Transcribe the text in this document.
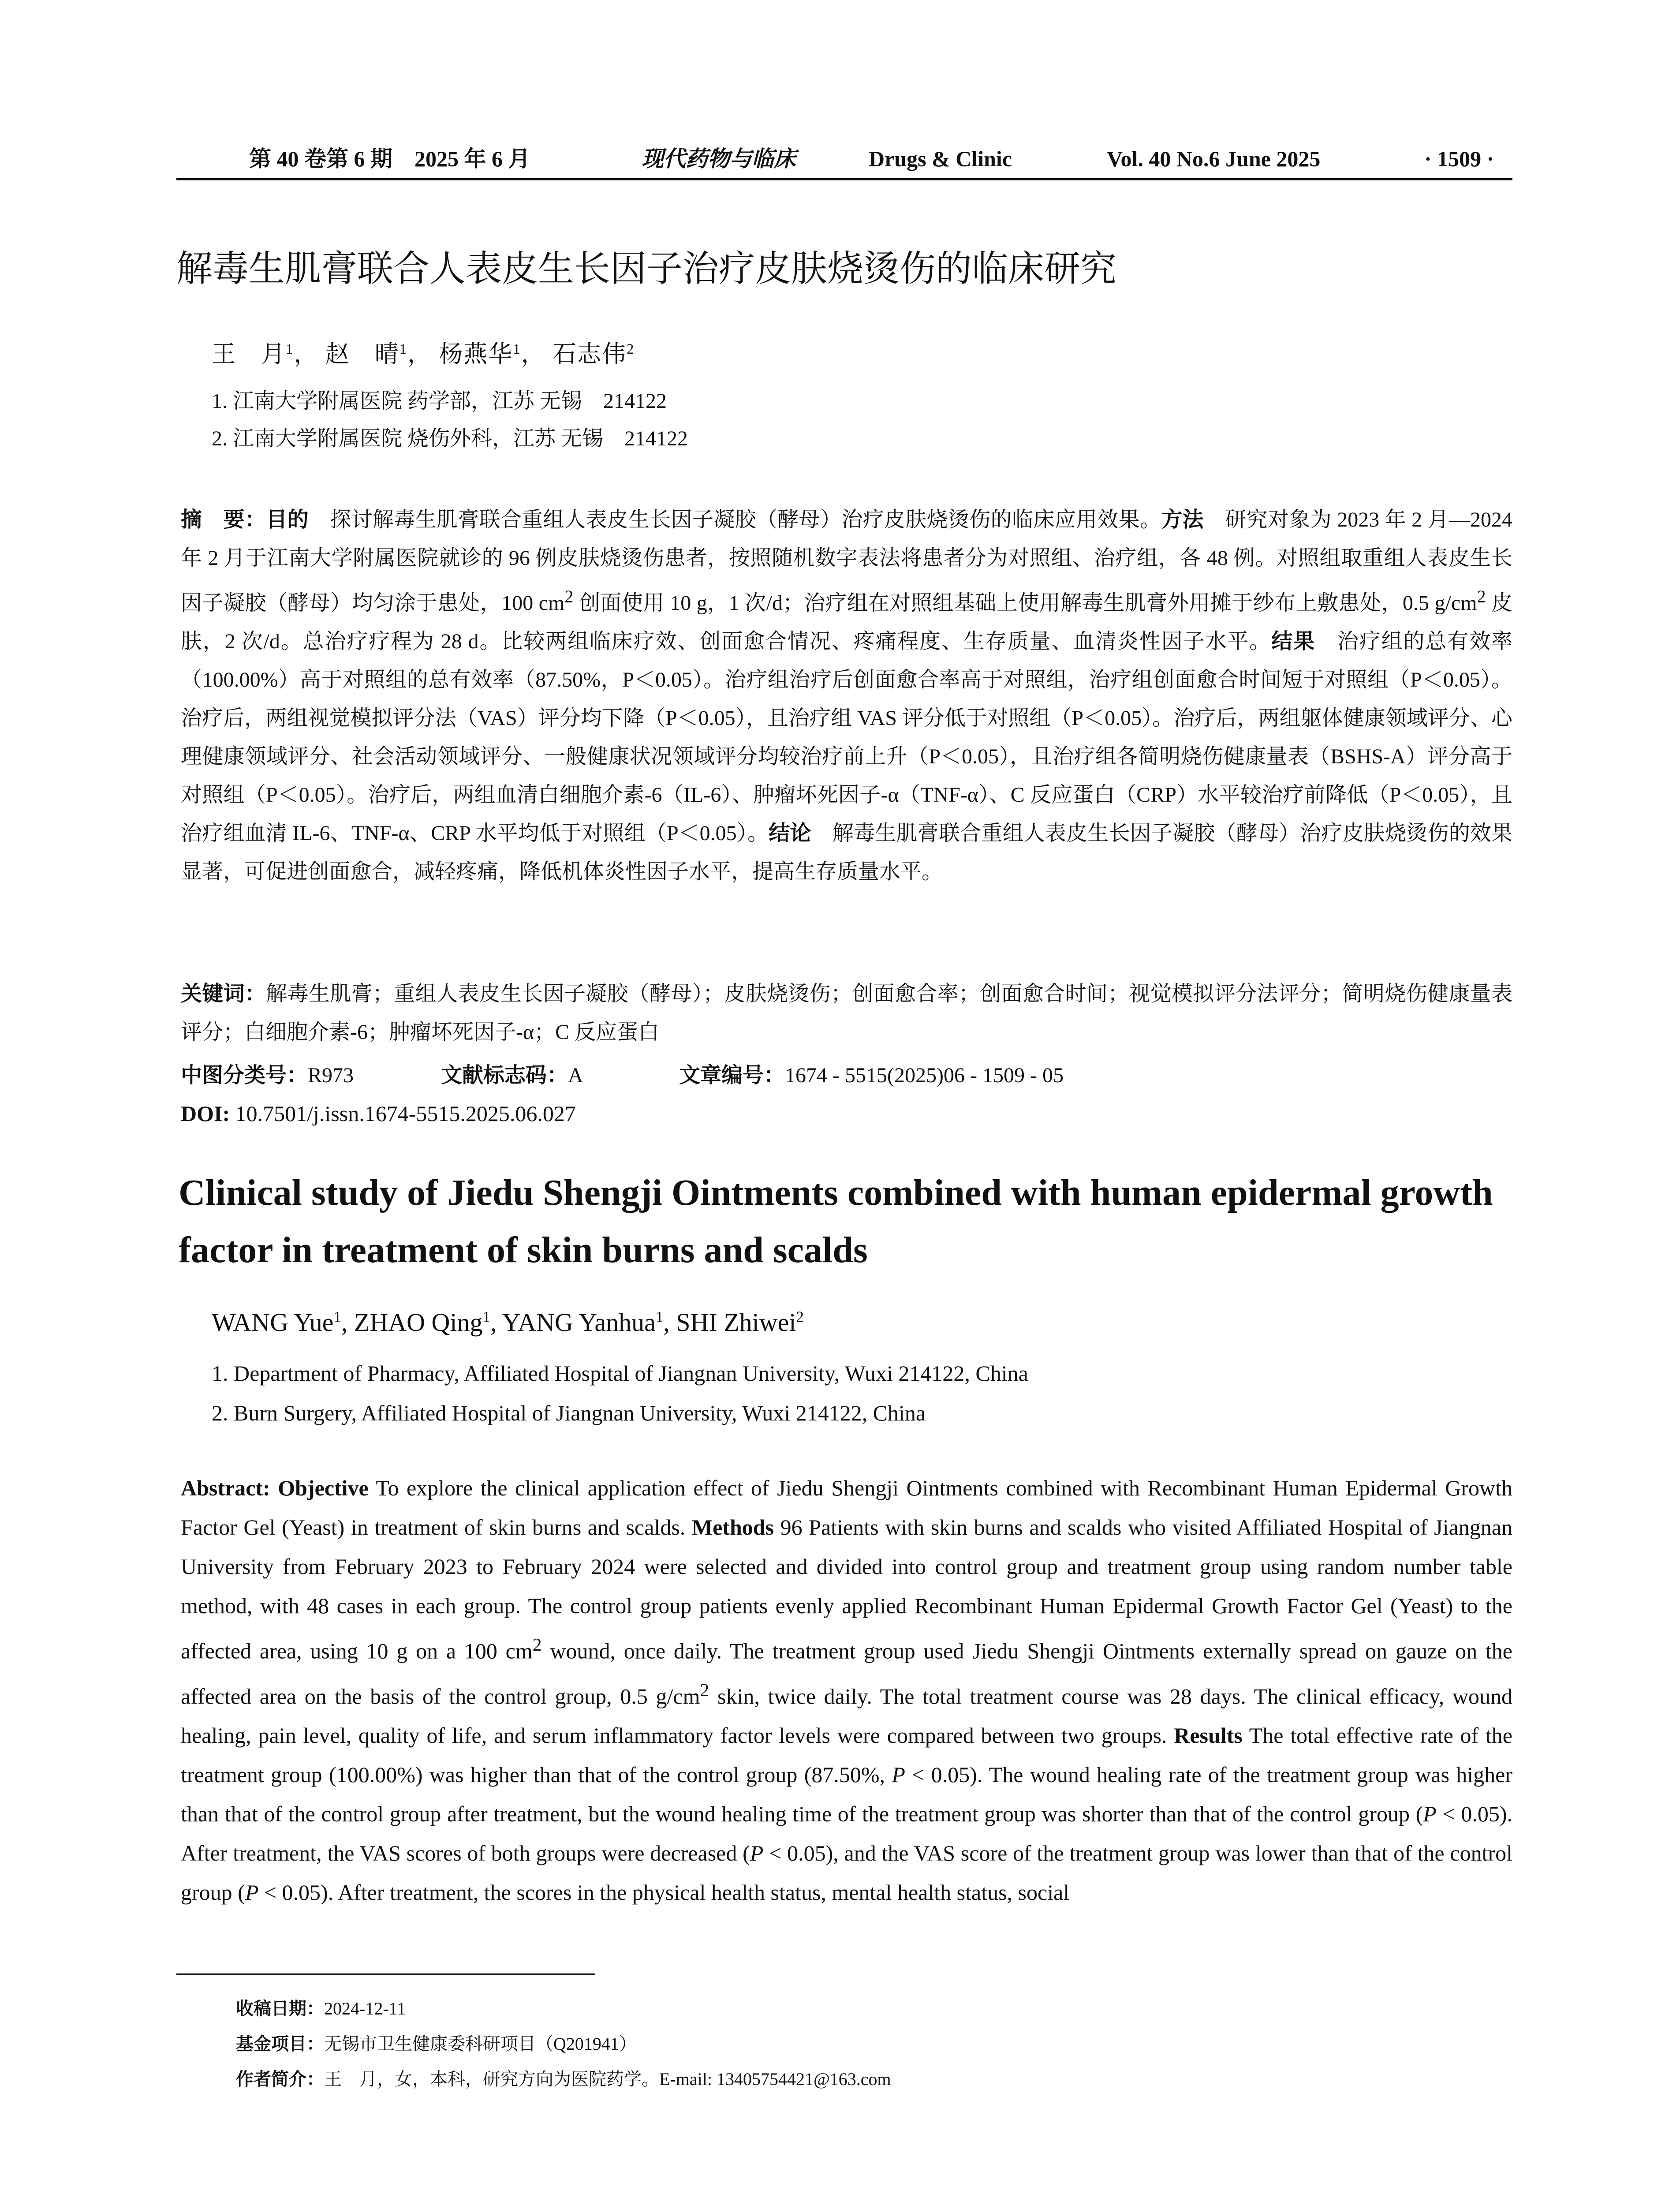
第 40 卷第 6 期　2025 年 6 月	现代药物与临床	Drugs & Clinic	Vol. 40 No.6 June 2025	· 1509 ·
解毒生肌膏联合人表皮生长因子治疗皮肤烧烫伤的临床研究
王　月$^1$， 赵　晴$^1$， 杨燕华$^1$， 石志伟$^2$
1. 江南大学附属医院 药学部，江苏 无锡　214122
2. 江南大学附属医院 烧伤外科，江苏 无锡　214122
摘　要：目的　探讨解毒生肌膏联合重组人表皮生长因子凝胶（酵母）治疗皮肤烧烫伤的临床应用效果。方法　研究对象为 2023 年 2 月—2024 年 2 月于江南大学附属医院就诊的 96 例皮肤烧烫伤患者，按照随机数字表法将患者分为对照组、治疗组，各 48 例。对照组取重组人表皮生长因子凝胶（酵母）均匀涂于患处，100 $cm^2$ 创面使用 10 g，1 次/d；治疗组在对照组基础上使用解毒生肌膏外用摊于纱布上敷患处，0.5 $g/cm^2$ 皮肤，2 次/d。总治疗疗程为 28 d。比较两组临床疗效、创面愈合情况、疼痛程度、生存质量、血清炎性因子水平。结果　治疗组的总有效率（100.00%）高于对照组的总有效率（87.50%，P＜0.05）。治疗组治疗后创面愈合率高于对照组，治疗组创面愈合时间短于对照组（P＜0.05）。治疗后，两组视觉模拟评分法（VAS）评分均下降（P＜0.05），且治疗组 VAS 评分低于对照组（P＜0.05）。治疗后，两组躯体健康领域评分、心理健康领域评分、社会活动领域评分、一般健康状况领域评分均较治疗前上升（P＜0.05），且治疗组各简明烧伤健康量表（BSHS-A）评分高于对照组（P＜0.05）。治疗后，两组血清白细胞介素-6（IL-6）、肿瘤坏死因子-α（TNF-α）、C 反应蛋白（CRP）水平较治疗前降低（P＜0.05），且治疗组血清 IL-6、TNF-α、CRP 水平均低于对照组（P＜0.05）。结论　解毒生肌膏联合重组人表皮生长因子凝胶（酵母）治疗皮肤烧烫伤的效果显著，可促进创面愈合，减轻疼痛，降低机体炎性因子水平，提高生存质量水平。
关键词：解毒生肌膏；重组人表皮生长因子凝胶（酵母）；皮肤烧烫伤；创面愈合率；创面愈合时间；视觉模拟评分法评分；简明烧伤健康量表评分；白细胞介素-6；肿瘤坏死因子-α；C 反应蛋白
中图分类号：R973	文献标志码：A	文章编号：1674 - 5515(2025)06 - 1509 - 05
DOI: 10.7501/j.issn.1674-5515.2025.06.027
Clinical study of Jiedu Shengji Ointments combined with human epidermal growth factor in treatment of skin burns and scalds
WANG Yue$^1$, ZHAO Qing$^1$, YANG Yanhua$^1$, SHI Zhiwei$^2$
1. Department of Pharmacy, Affiliated Hospital of Jiangnan University, Wuxi 214122, China
2. Burn Surgery, Affiliated Hospital of Jiangnan University, Wuxi 214122, China
Abstract: Objective To explore the clinical application effect of Jiedu Shengji Ointments combined with Recombinant Human Epidermal Growth Factor Gel (Yeast) in treatment of skin burns and scalds. Methods 96 Patients with skin burns and scalds who visited Affiliated Hospital of Jiangnan University from February 2023 to February 2024 were selected and divided into control group and treatment group using random number table method, with 48 cases in each group. The control group patients evenly applied Recombinant Human Epidermal Growth Factor Gel (Yeast) to the affected area, using 10 g on a 100 $cm^2$ wound, once daily. The treatment group used Jiedu Shengji Ointments externally spread on gauze on the affected area on the basis of the control group, 0.5 $g/cm^2$ skin, twice daily. The total treatment course was 28 days. The clinical efficacy, wound healing, pain level, quality of life, and serum inflammatory factor levels were compared between two groups. Results The total effective rate of the treatment group (100.00%) was higher than that of the control group (87.50%, P < 0.05). The wound healing rate of the treatment group was higher than that of the control group after treatment, but the wound healing time of the treatment group was shorter than that of the control group (P < 0.05). After treatment, the VAS scores of both groups were decreased (P < 0.05), and the VAS score of the treatment group was lower than that of the control group (P < 0.05). After treatment, the scores in the physical health status, mental health status, social
收稿日期：2024-12-11
基金项目：无锡市卫生健康委科研项目（Q201941）
作者简介：王　月，女，本科，研究方向为医院药学。E-mail: 13405754421@163.com
